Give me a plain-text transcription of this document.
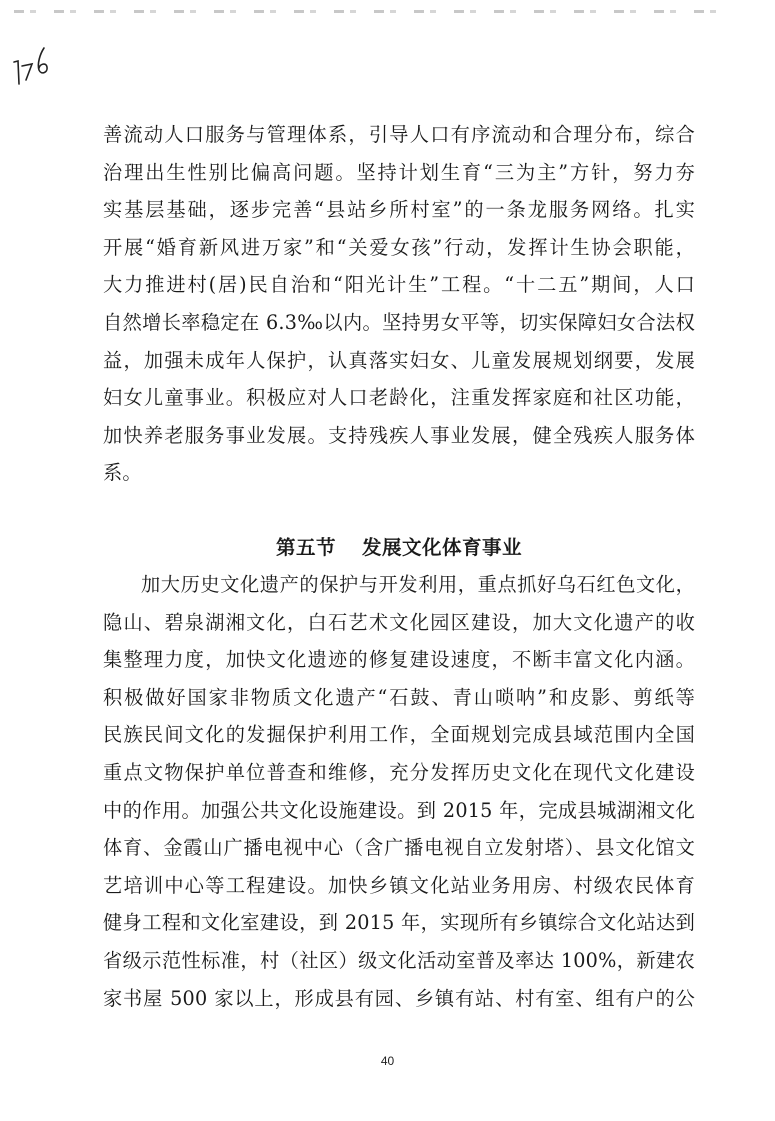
善流动人口服务与管理体系，引导人口有序流动和合理分布，综合
治理出生性别比偏高问题。坚持计划生育“三为主”方针，努力夯
实基层基础，逐步完善“县站乡所村室”的一条龙服务网络。扎实
开展“婚育新风进万家”和“关爱女孩”行动，发挥计生协会职能，
大力推进村(居)民自治和“阳光计生”工程。“十二五”期间，人口
自然增长率稳定在 6.3‰以内。坚持男女平等，切实保障妇女合法权
益，加强未成年人保护，认真落实妇女、儿童发展规划纲要，发展
妇女儿童事业。积极应对人口老龄化，注重发挥家庭和社区功能，
加快养老服务事业发展。支持残疾人事业发展，健全残疾人服务体
系。
第五节 发展文化体育事业
加大历史文化遗产的保护与开发利用，重点抓好乌石红色文化，
隐山、碧泉湖湘文化，白石艺术文化园区建设，加大文化遗产的收
集整理力度，加快文化遗迹的修复建设速度，不断丰富文化内涵。
积极做好国家非物质文化遗产“石鼓、青山唢呐”和皮影、剪纸等
民族民间文化的发掘保护利用工作，全面规划完成县域范围内全国
重点文物保护单位普查和维修，充分发挥历史文化在现代文化建设
中的作用。加强公共文化设施建设。到 2015 年，完成县城湖湘文化
体育、金霞山广播电视中心（含广播电视自立发射塔）、县文化馆文
艺培训中心等工程建设。加快乡镇文化站业务用房、村级农民体育
健身工程和文化室建设，到 2015 年，实现所有乡镇综合文化站达到
省级示范性标准，村（社区）级文化活动室普及率达 100%，新建农
家书屋 500 家以上，形成县有园、乡镇有站、村有室、组有户的公
40
